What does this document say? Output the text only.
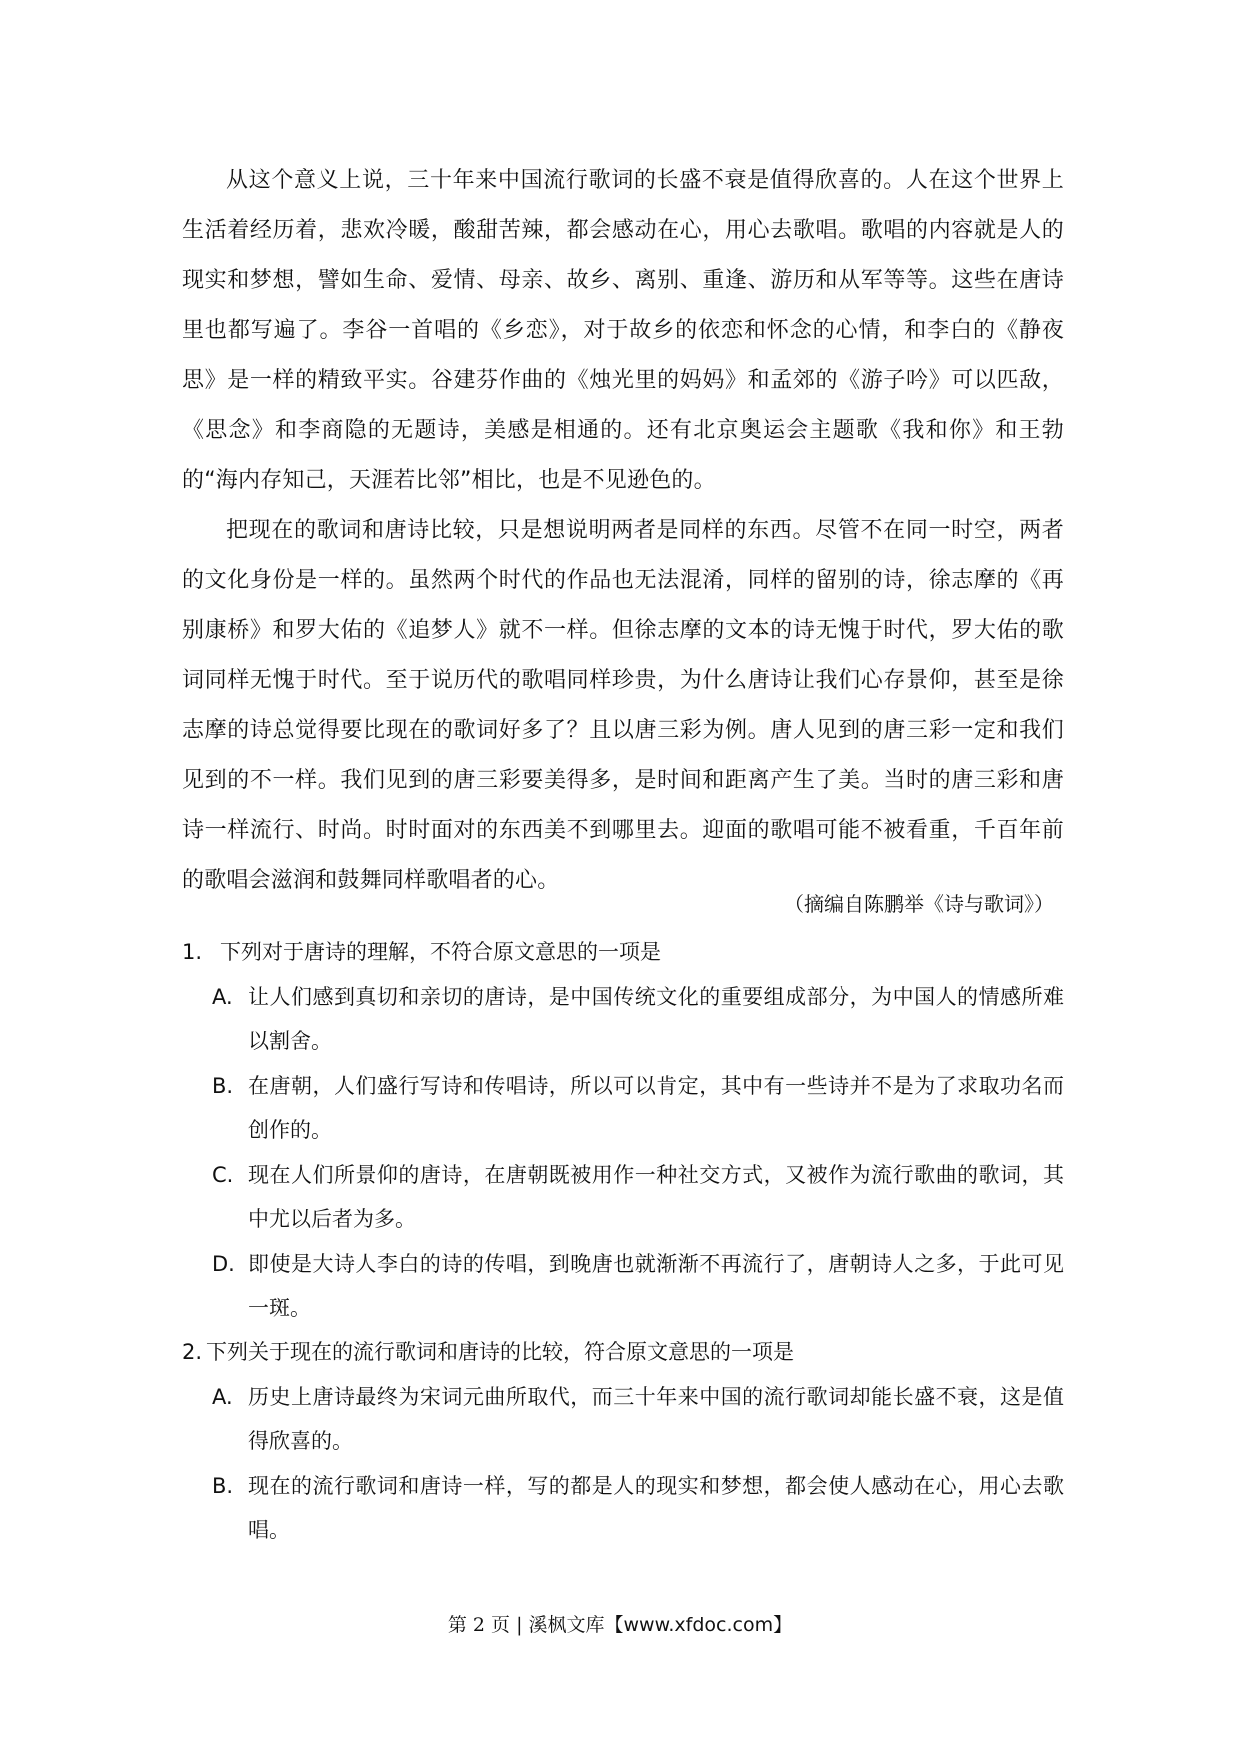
从这个意义上说，三十年来中国流行歌词的长盛不衰是值得欣喜的。人在这个世界上生活着经历着，悲欢冷暖，酸甜苦辣，都会感动在心，用心去歌唱。歌唱的内容就是人的现实和梦想，譬如生命、爱情、母亲、故乡、离别、重逢、游历和从军等等。这些在唐诗里也都写遍了。李谷一首唱的《乡恋》，对于故乡的依恋和怀念的心情，和李白的《静夜思》是一样的精致平实。谷建芬作曲的《烛光里的妈妈》和孟郊的《游子吟》可以匹敌，《思念》和李商隐的无题诗，美感是相通的。还有北京奥运会主题歌《我和你》和王勃的“海内存知己，天涯若比邻”相比，也是不见逊色的。

把现在的歌词和唐诗比较，只是想说明两者是同样的东西。尽管不在同一时空，两者的文化身份是一样的。虽然两个时代的作品也无法混淆，同样的留别的诗，徐志摩的《再别康桥》和罗大佑的《追梦人》就不一样。但徐志摩的文本的诗无愧于时代，罗大佑的歌词同样无愧于时代。至于说历代的歌唱同样珍贵，为什么唐诗让我们心存景仰，甚至是徐志摩的诗总觉得要比现在的歌词好多了？且以唐三彩为例。唐人见到的唐三彩一定和我们见到的不一样。我们见到的唐三彩要美得多，是时间和距离产生了美。当时的唐三彩和唐诗一样流行、时尚。时时面对的东西美不到哪里去。迎面的歌唱可能不被看重，千百年前的歌唱会滋润和鼓舞同样歌唱者的心。

（摘编自陈鹏举《诗与歌词》）
1. 下列对于唐诗的理解，不符合原文意思的一项是
A. 让人们感到真切和亲切的唐诗，是中国传统文化的重要组成部分，为中国人的情感所难以割舍。
B. 在唐朝，人们盛行写诗和传唱诗，所以可以肯定，其中有一些诗并不是为了求取功名而创作的。
C. 现在人们所景仰的唐诗，在唐朝既被用作一种社交方式，又被作为流行歌曲的歌词，其中尤以后者为多。
D. 即使是大诗人李白的诗的传唱，到晚唐也就渐渐不再流行了，唐朝诗人之多，于此可见一斑。
2. 下列关于现在的流行歌词和唐诗的比较，符合原文意思的一项是
A. 历史上唐诗最终为宋词元曲所取代，而三十年来中国的流行歌词却能长盛不衰，这是值得欣喜的。
B. 现在的流行歌词和唐诗一样，写的都是人的现实和梦想，都会使人感动在心，用心去歌唱。
第 2 页 | 溪枫文库【www.xfdoc.com】
